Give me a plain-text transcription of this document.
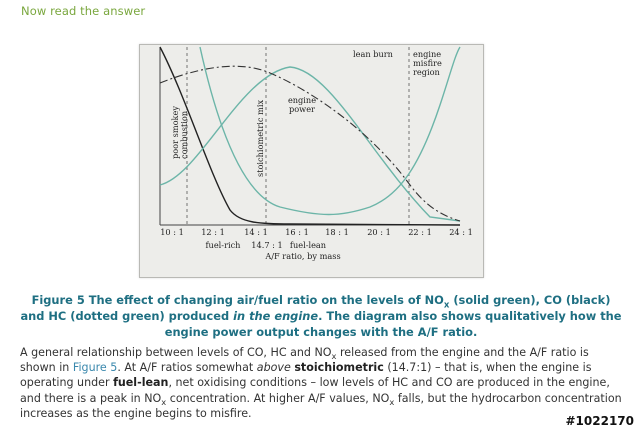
Now read the answer
poor smokey combustion	stoichiometric mix	engine
power
lean burn engine
misfire
region
10 : 1 12 : 1 14 : 1 16 : 1 18 : 1 20 : 1 22 : 1 24 : 1
fuel-rich 14.7 : 1 fuel-lean
A/F ratio, by mass
Figure 5 The effect of changing air/fuel ratio on the levels of $NO_x$ (solid green), CO (black) and HC (dotted green) produced in the engine. The diagram also shows qualitatively how the engine power output changes with the A/F ratio.
A general relationship between levels of CO, HC and $NO_x$ released from the engine and the A/F ratio is shown in Figure 5. At A/F ratios somewhat above stoichiometric (14.7:1) – that is, when the engine is operating under fuel-lean, net oxidising conditions – low levels of HC and CO are produced in the engine, and there is a peak in $NO_x$ concentration. At higher A/F values, $NO_x$ falls, but the hydrocarbon concentration increases as the engine begins to misfire.
#1022170
